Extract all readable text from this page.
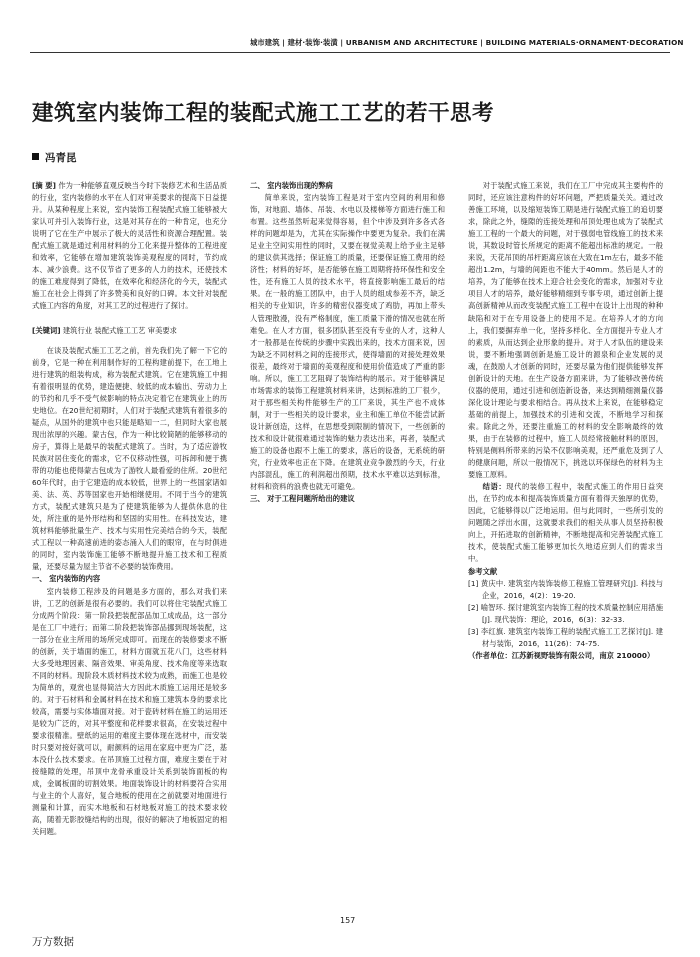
城市建筑 | 建材·装饰·装潢 | URBANISM AND ARCHITECTURE | BUILDING MATERIALS·ORNAMENT·DECORATION
建筑室内装饰工程的装配式施工工艺的若干思考
冯青昆

[摘 要] 作为一种能够直观反映当今时下装修艺术和生活品质的行业，室内装修的水平在人们对审美要求的提高下日益提升。从某种程度上来说，室内装饰工程装配式施工能够被大家认可并引入装饰行业，这是对其存在的一种肯定，也充分说明了它在生产中展示了极大的灵活性和资源合理配置。装配式施工就是通过利用材料的分工化来提升整体的工程进度和效率，它能够在增加建筑装饰美观程度的同时，节约成本、减少浪费。这不仅节省了更多的人力的技术，还使技术的施工难度得到了降低，在效率化和经济化的今天，装配式施工在社会上得到了许多赞美和良好的口碑。本文针对装配式施工内容的角度，对其工艺的过程进行了探讨。

[关键词] 建筑行业 装配式施工工艺 审美要求

在谈及装配式施工工艺之前，首先我们先了解一下它的前身，它是一种在利用制作好的工程构建前提下，在工地上进行建筑的组装构成，称为装配式建筑。它在建筑施工中拥有着很明显的优势，建造便捷、较低的成本输出、劳动力上的节约和几乎不受气候影响的特点决定着它在建筑业上的历史地位。在20世纪初期时，人们对于装配式建筑有着很多的疑点，从国外的建筑中也只能是略知一二，但同时大家也展现出浓厚的兴趣。蒙古包，作为一种比较简陋的能够移动的房子，算得上是最早的装配式建筑了。当时，为了适应游牧民族对居住变化的需求，它不仅移动性强，可拆卸和便于携带的功能也使得蒙古包成为了游牧人最看爱的住所。20世纪60年代时，由于它建造的成本较低，世界上的一些国家诸如美、法、英、苏等国家也开始相继使用。不同于当今的建筑方式，装配式建筑只是为了使建筑能够为人提供休息的住处，所注重的是外形结构和坚固的实用性。在科技发达，建筑材料能够批量生产、技术与实用性完美结合的今天，装配式工程以一种高速前进的姿态涌入人们的眼帘，在与时俱进的同时，室内装饰施工能够不断地提升施工技术和工程质量，还要尽量为屋主节省不必要的装饰费用。

一、 室内装饰的内容

室内装修工程涉及的问题是多方面的，那么对我们来讲，工艺的创新是很有必要的。我们可以将住宅装配式施工分成两个阶段：第一阶段把装配部品加工成成品，这一部分是在工厂中进行；而第二阶段把装饰部品挪到现场装配，这一部分在业主所用的场所完成即可。而现在的装修要求不断的创新，关于墙面的施工，材料方面就五花八门，这些材料大多受地理因素、隔音效果、审美角度、技术角度等来选取不同的材料。现阶段木质材料技术较为成熟，而施工也是较为简单的，观赏也显得简洁大方因此木质施工运用还是较多的。对于石材料和金属材料在技术和施工建筑本身的要求比较高，需要与实体墙面对接。对于瓷砖材料在施工的运用还是较为广泛的，对其平整度和花样要求很高，在安装过程中要求很精准。壁纸的运用的难度主要体现在选材中，而安装时只要对接好就可以，耐颜料的运用在家庭中更为广泛，基本没什么技术要求。在吊顶施工过程方面，难度主要在于对接缝隙的处理，吊顶中龙骨承重设计关系到装饰面板的构成，金属板面的切割效果。地面装饰设计的材料要符合实用与业主的个人喜好，复合地板的使用在之前就要对地面进行测量和计算，而实木地板和石材地板对施工的技术要求较高，随着无影胶缝结构的出现，很好的解决了地板固定的相关问题。

二、 室内装饰出现的弊病

简单来说，室内装饰工程是对于室内空间的利用和修饰，对地面、墙体、吊装、水电以及楼梯等方面进行施工和布置。这些虽然听起来觉得容易，但个中涉及到许多各式各样的问题却是为，尤其在实际操作中要更为复杂。我们在满足业主空间实用性的同时，又要在视觉美观上给予业主足够的建议供其选择；保证施工的质量，还要保证施工费用的经济性；材料的好坏，是否能够在施工周期将持环保性和安全性，还有施工人员的技术水平，将直接影响施工最后的结果。在一般的施工团队中，由于人员的组成参差不齐，缺乏相关的专业知识，许多的精密仪器变成了鸡肋，再加上带头人管理散漫，没有严格制度，施工质量下滑的情况也就在所难免。在人才方面，很多团队甚至没有专业的人才，这种人才一般都是在传统的步骤中实践出来的，技术方面来说，因为缺乏不同材料之间的连接形式，使得墙面的对接处理效果很差，最终对于墙面的美观程度和使用价值造成了严重的影响。所以，施工工艺阻碍了装饰结构的展示。对于能够满足市场需求的装饰工程建筑材料来讲，达到标准的工厂很少，对于那些相关构件能够生产的工厂来说，其生产也不成体制，对于一些相关的设计要求，业主和施工单位不能尝试新设计新创造，这样，在思想受到限制的情况下，一些创新的技术和设计就很难通过装饰的魅力表达出来，再者，装配式施工的设备也跟不上施工的要求，落后的设备，无系统的研究，行业效率也正在下降。在建筑业竞争激烈的今天，行业内部混乱，施工的利润超出预期，技术水平难以达到标准，材料和资料的浪费也就无可避免。

三、 对于工程问题所给出的建议

对于装配式施工来说，我们在工厂中完成其主要构件的同时，还应该注意构件的好坏问题，严把质量关关。通过改善施工环境，以及缩短装饰工期是进行装配式施工的追切要求，除此之外，缝隙的连接处理和吊顶处理也成为了装配式施工工程的一个最大的问题，对于强弱电管线施工的技术来说，其数设时管长所规定的距离不能超出标准的规定。一般来说，天花吊顶的吊杆距离应该在大致在1m左右，最多不能超出1.2m，与墙的间距也不能大于40mm。然后是人才的培养，为了能够在技术上迎合社会变化的需求，加强对专业项目人才的培养，最好能够精细到专事专项，通过创新上提高创新精神从而改变装配式施工工程中在设计上出现的种种缺陷和对于在专用设备上的使用不足。在培养人才的方向上，我们要摒弃单一化，坚持多样化、全方面提升专业人才的素质，从而达到企业形象的提升。对于人才队伍的建设来说，要不断地强调创新是施工设计的源泉和企业发展的灵魂，在鼓励人才创新的同时，还要尽量为他们提供能够发挥创新设计的天地。在生产设备方面来讲，为了能够改善传统仪器的使用，通过引进和创造新设备，来达到精细测量仪器深化设计理论与要求相结合。再从技术上来说，在能够稳定基础的前提上，加强技术的引进和交流，不断地学习和探索。除此之外，还要注重施工的材料的安全影响最终的效果，由于在装修的过程中，施工人员经常接触材料的原因，特别是侧料所带来的污染不仅影响美观，还严重危及到了人的健康问题，所以一般情况下，挑选以环保绿色的材料为主要施工原料。

结语：现代的装修工程中，装配式施工的作用日益突出，在节约成本和提高装饰质量方面有着得天独厚的优势，因此，它能够得以广泛地运用。但与此同时，一些所引发的问题随之浮出水面，这就要求我们的相关从事人员坚持积极向上，开拓进取的创新精神，不断地提高和完善装配式施工技术，使装配式施工能够更加长久地适应到人们的需求当中。

参考文献

[1] 黄庆中. 建筑室内装饰装修工程施工管理研究[J]. 科技与企业，2016，4(2)：19-20.

[2] 喻智环. 探讨建筑室内装饰工程的技术质量控制应用措施[J]. 现代装饰：理论，2016，6(3)：32-33.

[3] 李红旗. 建筑室内装饰工程的装配式施工工艺探讨[J]. 建材与装饰，2016，11(26)：74-75.

（作者单位：江苏新视野装饰有限公司，南京 210000）

157
万方数据
